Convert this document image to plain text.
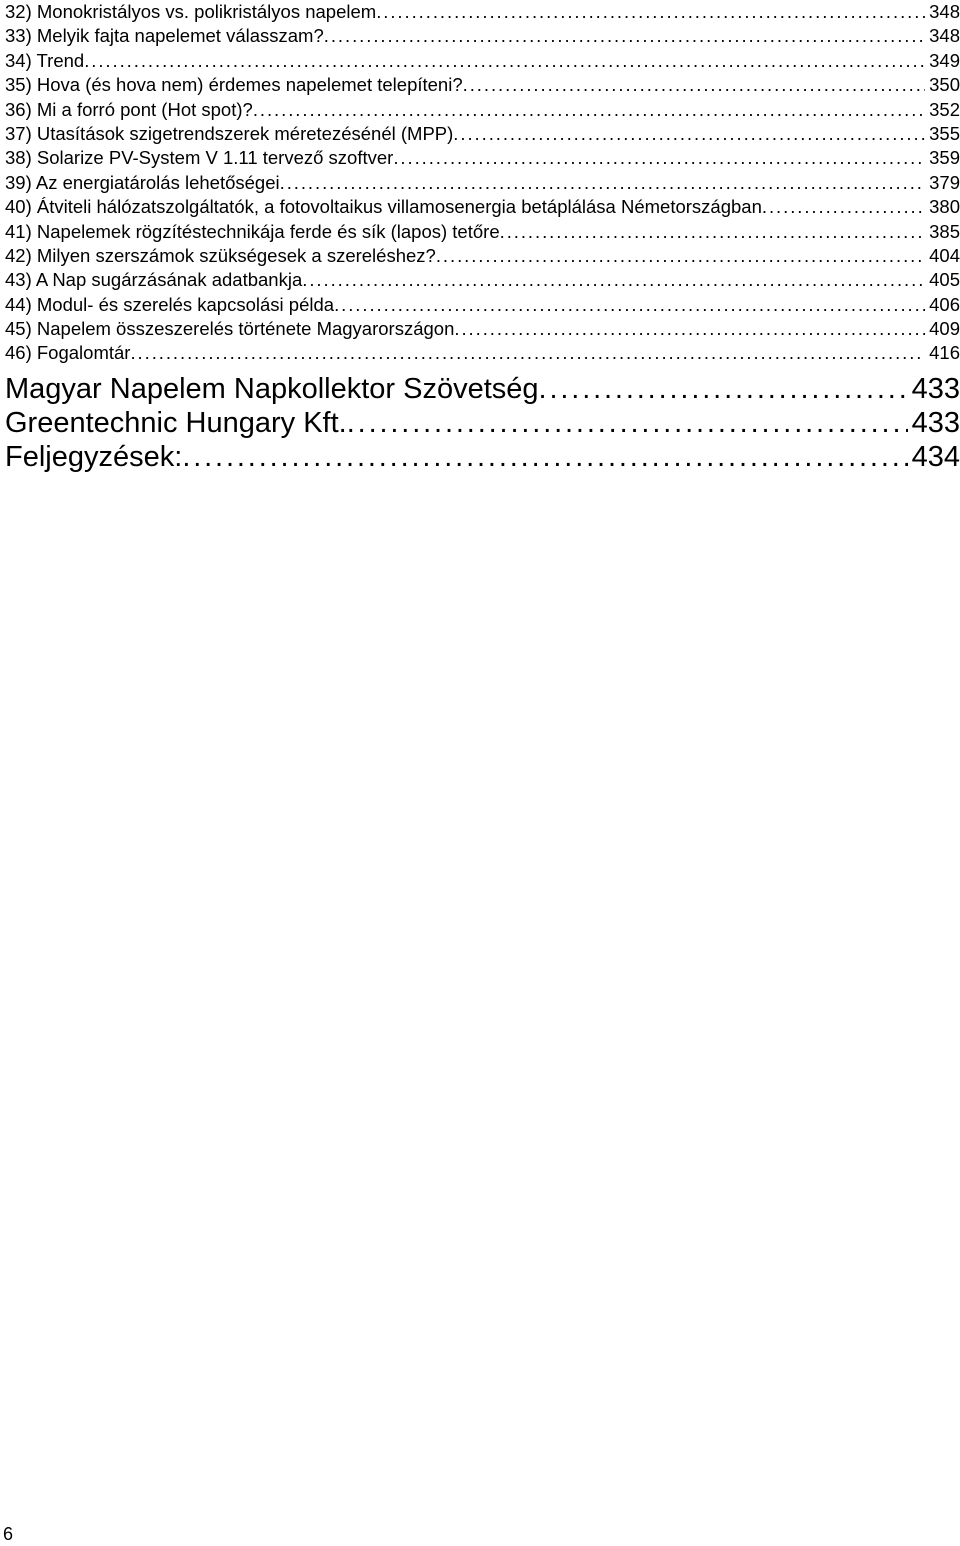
32) Monokristályos vs. polikristályos napelem . . .	348
33) Melyik fajta napelemet válasszam? . . .	348
34) Trend . . .	349
35) Hova (és hova nem) érdemes napelemet telepíteni? . . .	350
36) Mi a forró pont (Hot spot)? . . .	352
37) Utasítások szigetrendszerek méretezésénél (MPP) . . .	355
38) Solarize PV-System V 1.11 tervező szoftver . . .	359
39) Az energiatárolás lehetőségei . . .	379
40) Átviteli hálózatszolgáltatók, a fotovoltaikus villamosenergia betáplálása Németországban . . .	380
41) Napelemek rögzítéstechnikája ferde és sík (lapos) tetőre . . .	385
42) Milyen szerszámok szükségesek a szereléshez? . . .	404
43) A Nap sugárzásának adatbankja . . .	405
44) Modul- és szerelés kapcsolási példa . . .	406
45) Napelem összeszerelés története Magyarországon . . .	409
46) Fogalomtár . . .	416
Magyar Napelem Napkollektor Szövetség . . .	433
Greentechnic Hungary Kft. . . .	433
Feljegyzések: . . .	434
6
